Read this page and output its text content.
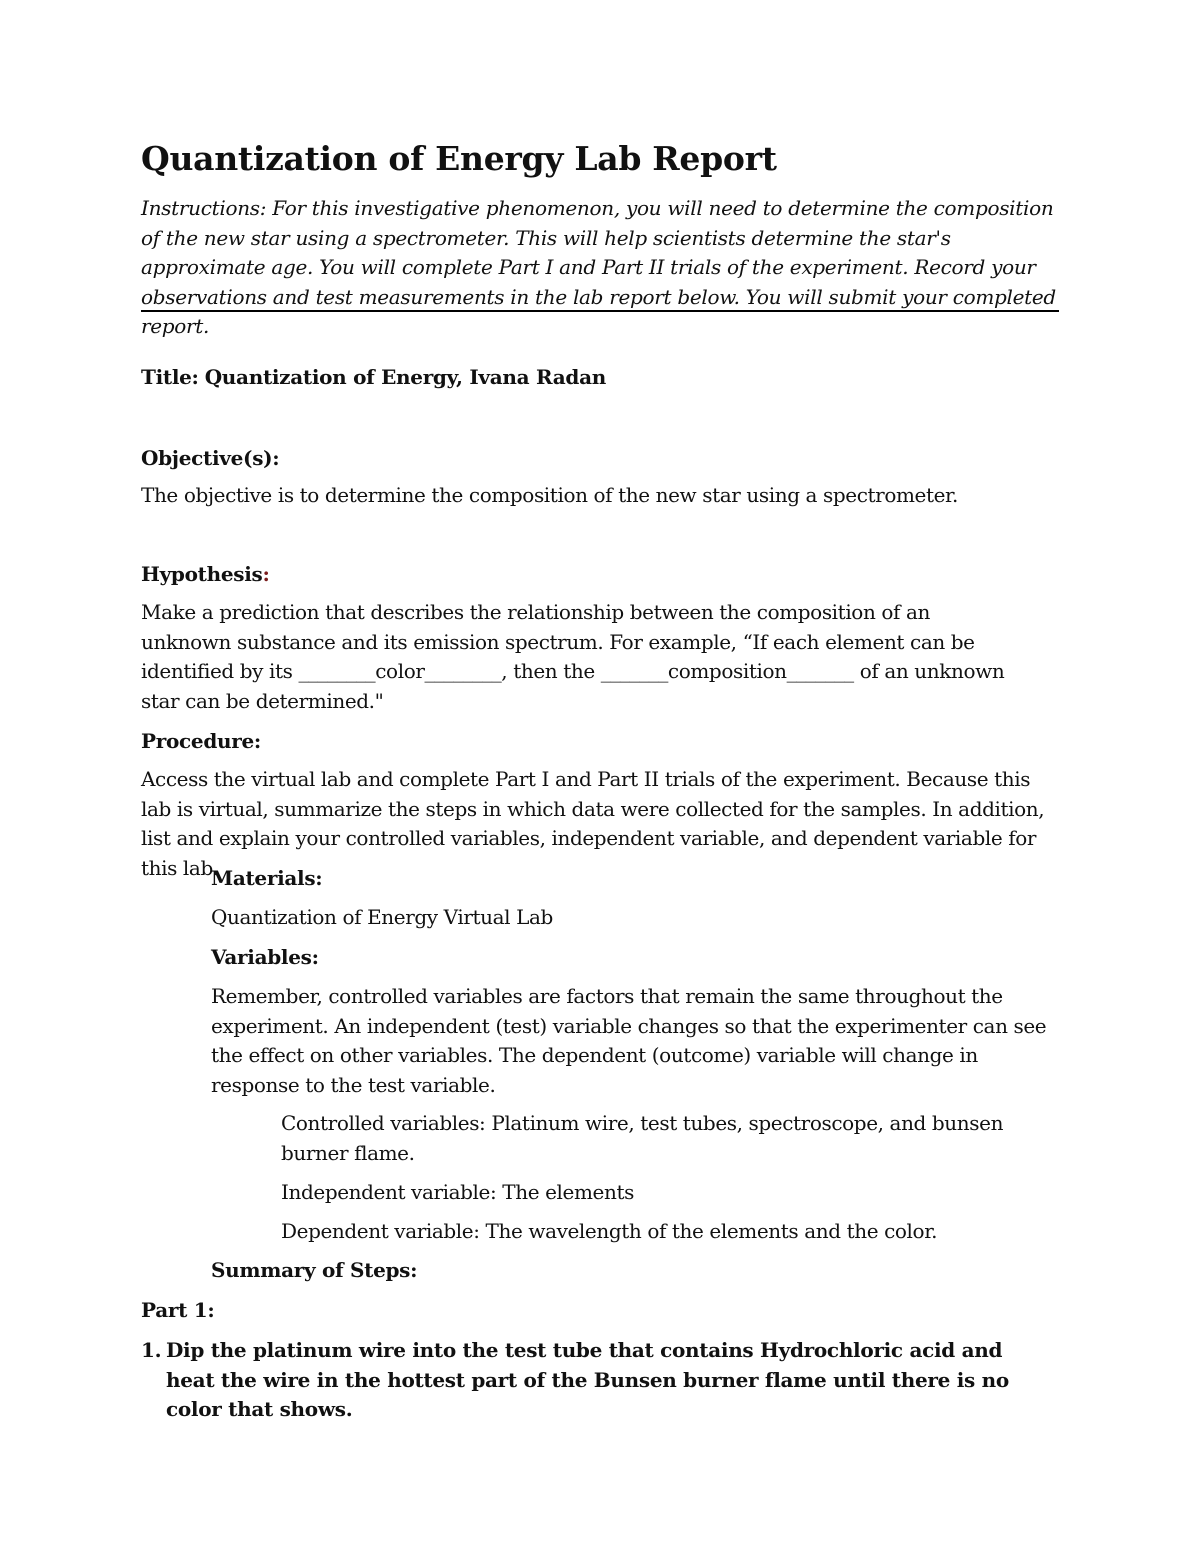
Quantization of Energy Lab Report

Instructions: For this investigative phenomenon, you will need to determine the composition of the new star using a spectrometer. This will help scientists determine the star's approximate age. You will complete Part I and Part II trials of the experiment. Record your observations and test measurements in the lab report below. You will submit your completed report.

Title: Quantization of Energy, Ivana Radan

Objective(s):

The objective is to determine the composition of the new star using a spectrometer.

Hypothesis:

Make a prediction that describes the relationship between the composition of an unknown substance and its emission spectrum. For example, “If each element can be identified by its ________color________, then the _______composition_______ of an unknown star can be determined."

Procedure:

Access the virtual lab and complete Part I and Part II trials of the experiment. Because this lab is virtual, summarize the steps in which data were collected for the samples. In addition, list and explain your controlled variables, independent variable, and dependent variable for this lab.

Materials:

Quantization of Energy Virtual Lab

Variables:

Remember, controlled variables are factors that remain the same throughout the experiment. An independent (test) variable changes so that the experimenter can see the effect on other variables. The dependent (outcome) variable will change in response to the test variable.

Controlled variables: Platinum wire, test tubes, spectroscope, and bunsen burner flame.

Independent variable: The elements

Dependent variable: The wavelength of the elements and the color.

Summary of Steps:

Part 1:

1. Dip the platinum wire into the test tube that contains Hydrochloric acid and heat the wire in the hottest part of the Bunsen burner flame until there is no color that shows.
